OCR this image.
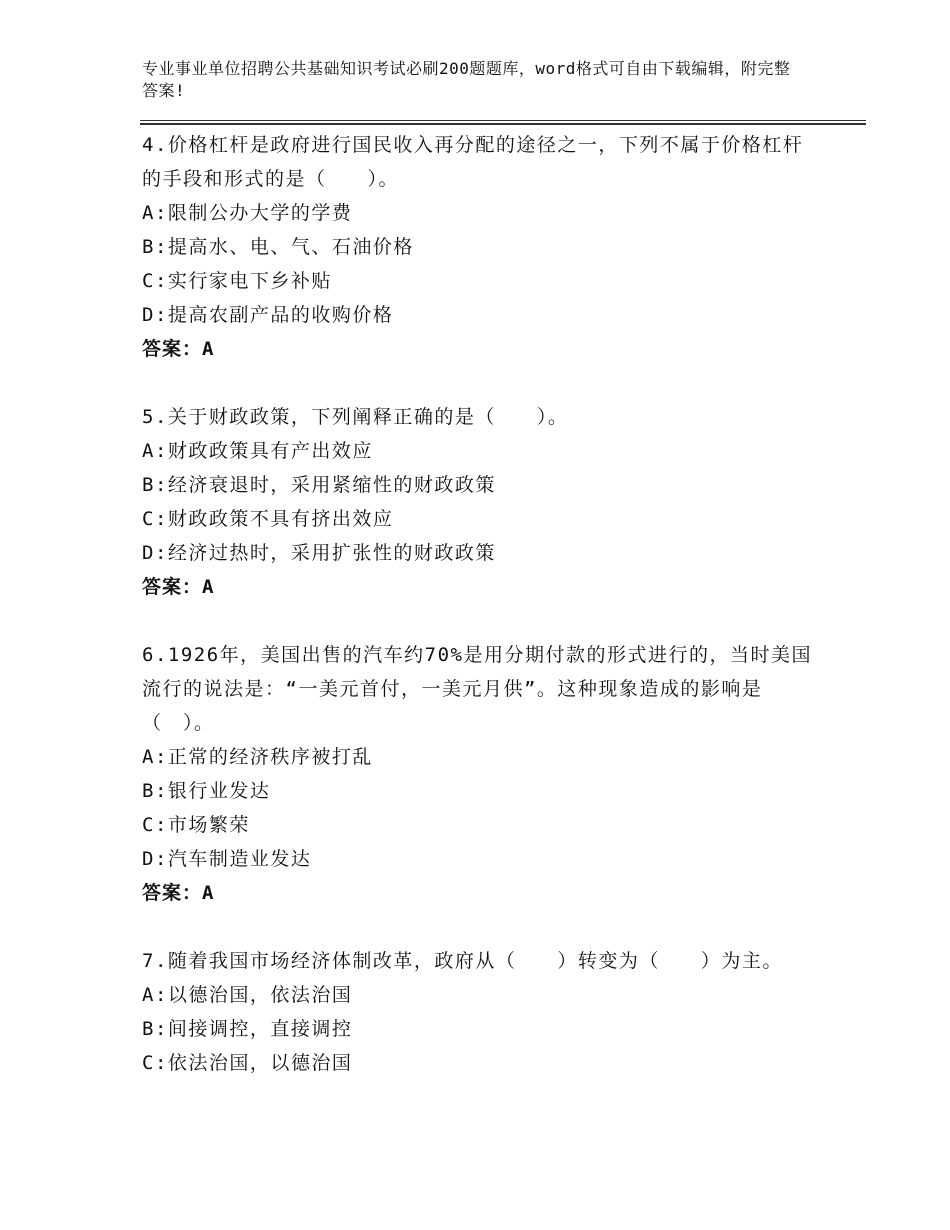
专业事业单位招聘公共基础知识考试必刷200题题库，word格式可自由下载编辑，附完整答案!

4.价格杠杆是政府进行国民收入再分配的途径之一，下列不属于价格杠杆的手段和形式的是（　　）。

A:限制公办大学的学费

B:提高水、电、气、石油价格

C:实行家电下乡补贴

D:提高农副产品的收购价格

答案：A

5.关于财政政策，下列阐释正确的是（　　）。

A:财政政策具有产出效应

B:经济衰退时，采用紧缩性的财政政策

C:财政政策不具有挤出效应

D:经济过热时，采用扩张性的财政政策

答案：A

6.1926年，美国出售的汽车约70%是用分期付款的形式进行的，当时美国流行的说法是：“一美元首付，一美元月供”。这种现象造成的影响是（　）。

A:正常的经济秩序被打乱

B:银行业发达

C:市场繁荣

D:汽车制造业发达

答案：A

7.随着我国市场经济体制改革，政府从（　　）转变为（　　）为主。

A:以德治国，依法治国

B:间接调控，直接调控

C:依法治国，以德治国
